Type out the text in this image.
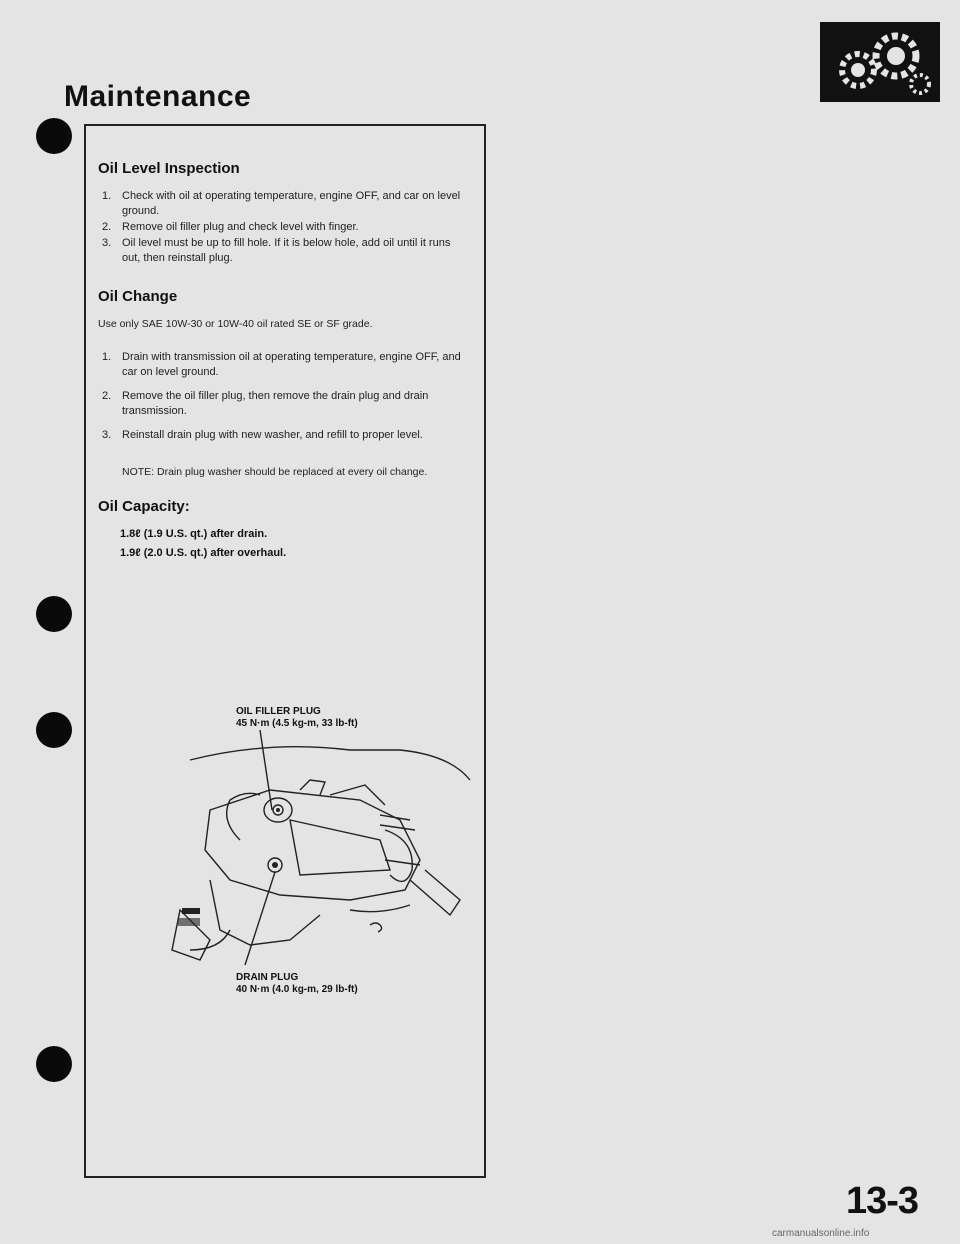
Maintenance
Oil Level Inspection
1. Check with oil at operating temperature, engine OFF, and car on level ground.
2. Remove oil filler plug and check level with finger.
3. Oil level must be up to fill hole. If it is below hole, add oil until it runs out, then reinstall plug.
Oil Change

Use only SAE 10W-30 or 10W-40 oil rated SE or SF grade.

1. Drain with transmission oil at operating temperature, engine OFF, and car on level ground.
2. Remove the oil filler plug, then remove the drain plug and drain transmission.
3. Reinstall drain plug with new washer, and refill to proper level.

NOTE: Drain plug washer should be replaced at every oil change.

Oil Capacity:
1.8ℓ (1.9 U.S. qt.) after drain.
1.9ℓ (2.0 U.S. qt.) after overhaul.
OIL FILLER PLUG
45 N·m (4.5 kg-m, 33 lb-ft)
DRAIN PLUG
40 N·m (4.0 kg-m, 29 lb-ft)
13-3
carmanualsonline.info
